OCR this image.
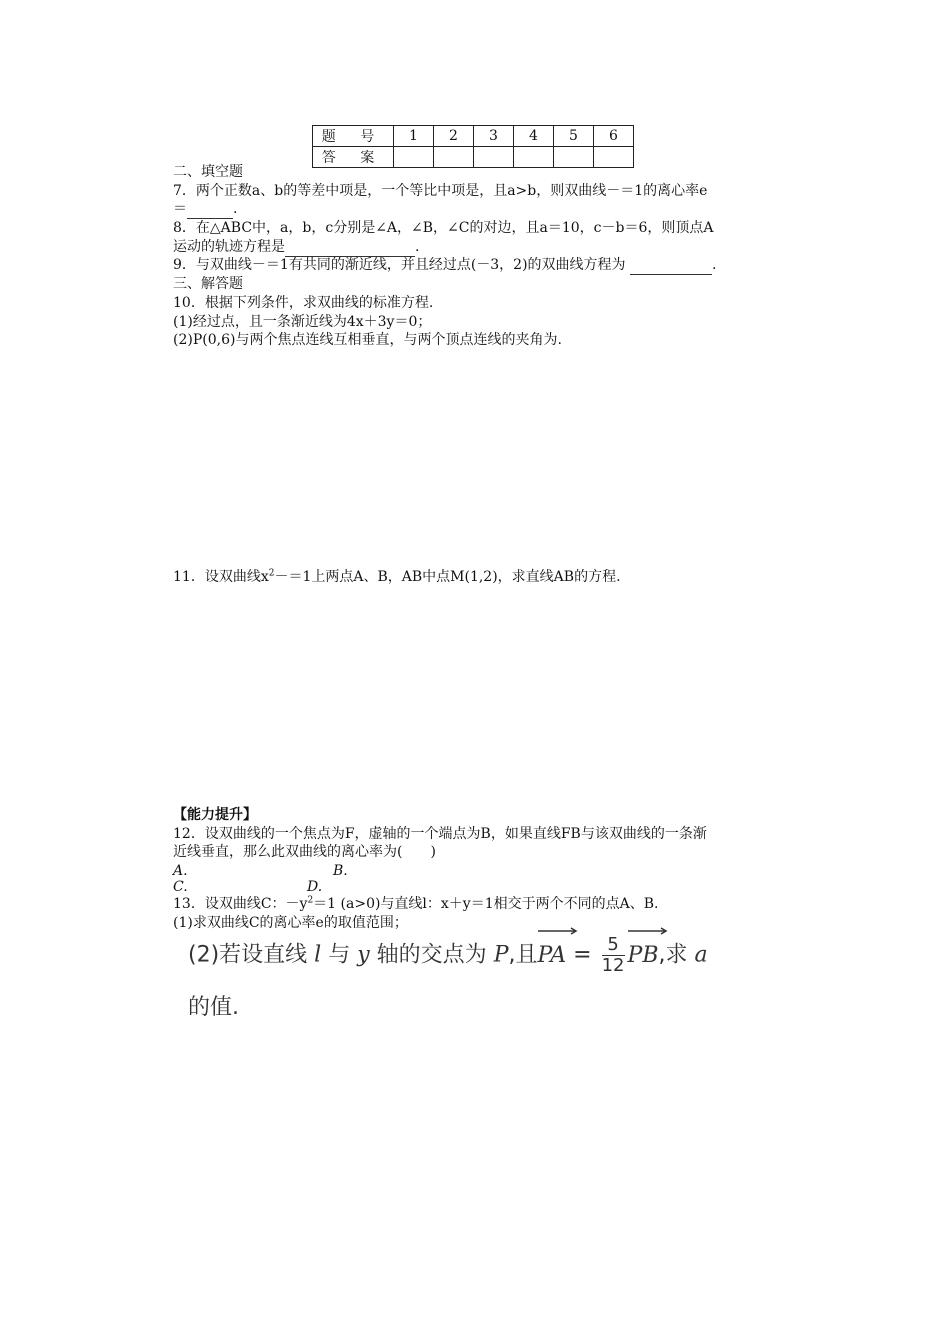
题 号	1	2	3	4	5	6
答 案						
二、填空题
7．两个正数a、b的等差中项是，一个等比中项是，且a>b，则双曲线－＝1的离心率e
＝	.
8．在△ABC中，a，b，c分别是∠A，∠B，∠C的对边，且a＝10，c－b＝6，则顶点A
运动的轨迹方程是	.
9．与双曲线－＝1有共同的渐近线，并且经过点(－3，2)的双曲线方程为	.
三、解答题
10．根据下列条件，求双曲线的标准方程.
(1)经过点，且一条渐近线为4x＋3y＝0；
(2)P(0,6)与两个焦点连线互相垂直，与两个顶点连线的夹角为.
11．设双曲线$x^2-=1$上两点A、B，AB中点M(1,2)，求直线AB的方程.
【能力提升】
12．设双曲线的一个焦点为F，虚轴的一个端点为B，如果直线FB与该双曲线的一条渐
近线垂直，那么此双曲线的离心率为(　　)
A.	B.
C.	D.
13．设双曲线C：$-y^2=1$ (a>0)与直线l：x＋y＝1相交于两个不同的点A、B.
(1)求双曲线C的离心率e的取值范围；
(2)若设直线 l 与 y 轴的交点为 P,且
PA = $\frac{5}{12}$ PB,求 a
的值.
